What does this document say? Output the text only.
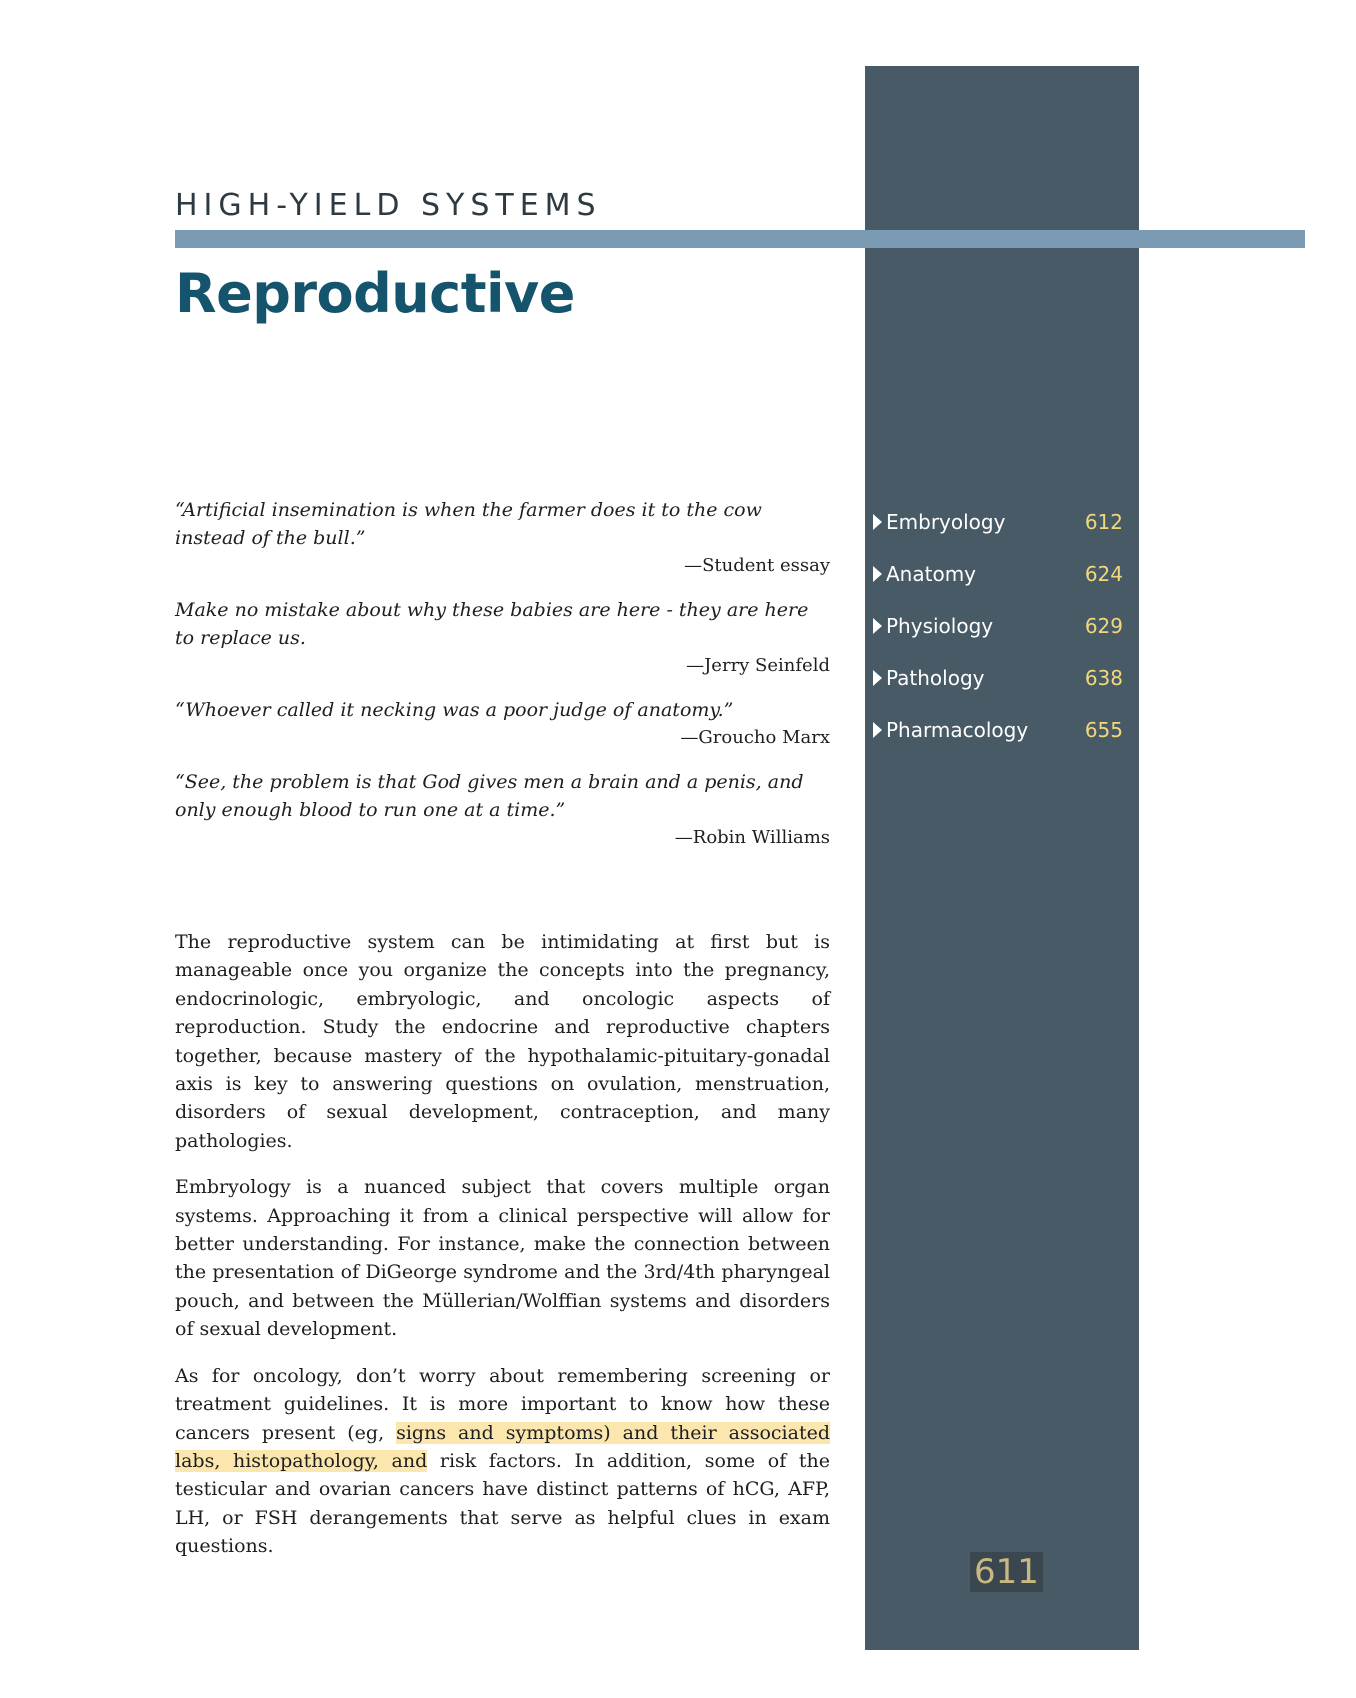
HIGH-YIELD SYSTEMS
Reproductive

“Artificial insemination is when the farmer does it to the cow instead of the bull.”

—Student essay

Make no mistake about why these babies are here - they are here to replace us.

—Jerry Seinfeld

“Whoever called it necking was a poor judge of anatomy.”

—Groucho Marx

“See, the problem is that God gives men a brain and a penis, and only enough blood to run one at a time.”

—Robin Williams

The reproductive system can be intimidating at first but is manageable once you organize the concepts into the pregnancy, endocrinologic, embryologic, and oncologic aspects of reproduction. Study the endocrine and reproductive chapters together, because mastery of the hypothalamic-pituitary-gonadal axis is key to answering questions on ovulation, menstruation, disorders of sexual development, contraception, and many pathologies.

Embryology is a nuanced subject that covers multiple organ systems. Approaching it from a clinical perspective will allow for better understanding. For instance, make the connection between the presentation of DiGeorge syndrome and the 3rd/4th pharyngeal pouch, and between the Müllerian/Wolffian systems and disorders of sexual development.

As for oncology, don’t worry about remembering screening or treatment guidelines. It is more important to know how these cancers present (eg, signs and symptoms) and their associated labs, histopathology, and risk factors. In addition, some of the testicular and ovarian cancers have distinct patterns of hCG, AFP, LH, or FSH derangements that serve as helpful clues in exam questions.

Embryology	612
Anatomy	624
Physiology	629
Pathology	638
Pharmacology	655
611
